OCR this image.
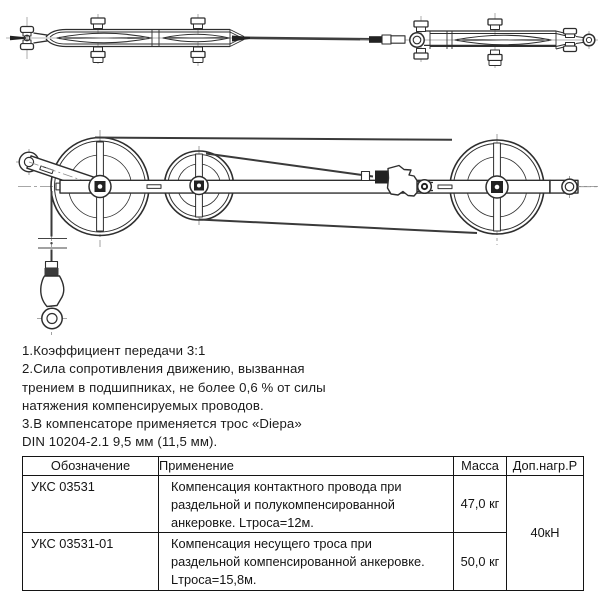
1.Коэффициент передачи 3:1
2.Сила сопротивления движению, вызванная
трением в подшипниках, не более 0,6 % от силы
натяжения компенсируемых проводов.
3.В компенсаторе применяется трос «Diepa»
DIN 10204-2.1 9,5 мм (11,5 мм).
Обозначение	Применение	Масса	Доп.нагр.Р
УКС 03531	Компенсация контактного провода при
раздельной и полукомпенсированной
анкеровке. Lтроса=12м.	47,0 кг	40кН
УКС 03531-01	Компенсация несущего троса при
раздельной компенсированной анкеровке.
Lтроса=15,8м.	50,0 кг	
